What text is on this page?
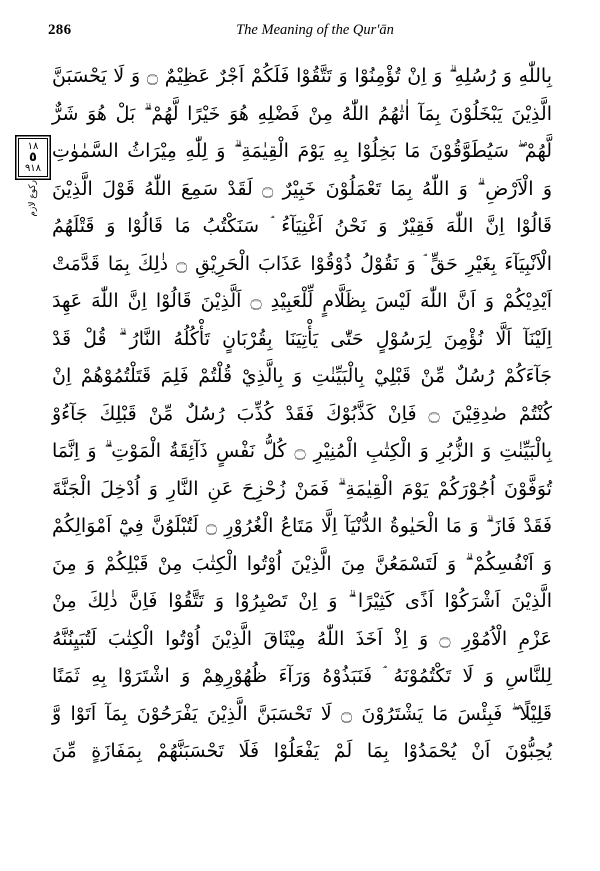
286	The Meaning of the Qur'ān
١٨
٥
٩١٨
ركوع لازم
بِاللّٰهِ وَ رُسُلِهِ ۗ وَ اِنْ تُؤْمِنُوْا وَ تَتَّقُوْا فَلَكُمْ اَجْرٌ عَظِيْمٌ ۝ وَ لَا يَحْسَبَنَّ
الَّذِيْنَ يَبْخَلُوْنَ بِمَآ اٰتٰهُمُ اللّٰهُ مِنْ فَضْلِهِ هُوَ خَيْرًا لَّهُمْ ۗ بَلْ هُوَ شَرٌّ
لَّهُمْ ۖ سَيُطَوَّقُوْنَ مَا بَخِلُوْا بِهِ يَوْمَ الْقِيٰمَةِ ۗ وَ لِلّٰهِ مِيْرَاثُ السَّمٰوٰتِ
وَ الْاَرْضِ ۗ وَ اللّٰهُ بِمَا تَعْمَلُوْنَ خَبِيْرٌ ۝ لَقَدْ سَمِعَ اللّٰهُ قَوْلَ الَّذِيْنَ
قَالُوْا اِنَّ اللّٰهَ فَقِيْرٌ وَ نَحْنُ اَغْنِيَآءُ ۘ سَنَكْتُبُ مَا قَالُوْا وَ قَتْلَهُمُ
الْاَنْبِيَآءَ بِغَيْرِ حَقٍّ ۘ وَ نَقُوْلُ ذُوْقُوْا عَذَابَ الْحَرِيْقِ ۝ ذٰلِكَ بِمَا قَدَّمَتْ
اَيْدِيْكُمْ وَ اَنَّ اللّٰهَ لَيْسَ بِظَلَّامٍ لِّلْعَبِيْدِ ۝ اَلَّذِيْنَ قَالُوْا اِنَّ اللّٰهَ عَهِدَ
اِلَيْنَآ اَلَّا نُؤْمِنَ لِرَسُوْلٍ حَتّٰى يَأْتِيَنَا بِقُرْبَانٍ تَأْكُلُهُ النَّارُ ۗ قُلْ قَدْ
جَآءَكُمْ رُسُلٌ مِّنْ قَبْلِيْ بِالْبَيِّنٰتِ وَ بِالَّذِيْ قُلْتُمْ فَلِمَ قَتَلْتُمُوْهُمْ اِنْ
كُنْتُمْ صٰدِقِيْنَ ۝ فَاِنْ كَذَّبُوْكَ فَقَدْ كُذِّبَ رُسُلٌ مِّنْ قَبْلِكَ جَآءُوْ
بِالْبَيِّنٰتِ وَ الزُّبُرِ وَ الْكِتٰبِ الْمُنِيْرِ ۝ كُلُّ نَفْسٍ ذَآئِقَةُ الْمَوْتِ ۗ وَ اِنَّمَا
تُوَفَّوْنَ اُجُوْرَكُمْ يَوْمَ الْقِيٰمَةِ ۗ فَمَنْ زُحْزِحَ عَنِ النَّارِ وَ اُدْخِلَ الْجَنَّةَ
فَقَدْ فَازَ ۗ وَ مَا الْحَيٰوةُ الدُّنْيَآ اِلَّا مَتَاعُ الْغُرُوْرِ ۝ لَتُبْلَوُنَّ فِيْٓ اَمْوَالِكُمْ
وَ اَنْفُسِكُمْ ۗ وَ لَتَسْمَعُنَّ مِنَ الَّذِيْنَ اُوْتُوا الْكِتٰبَ مِنْ قَبْلِكُمْ وَ مِنَ
الَّذِيْنَ اَشْرَكُوْا اَذًى كَثِيْرًا ۗ وَ اِنْ تَصْبِرُوْا وَ تَتَّقُوْا فَاِنَّ ذٰلِكَ مِنْ
عَزْمِ الْاُمُوْرِ ۝ وَ اِذْ اَخَذَ اللّٰهُ مِيْثَاقَ الَّذِيْنَ اُوْتُوا الْكِتٰبَ لَتُبَيِنُنَّهُ
لِلنَّاسِ وَ لَا تَكْتُمُوْنَهُ ۘ فَنَبَذُوْهُ وَرَآءَ ظُهُوْرِهِمْ وَ اشْتَرَوْا بِهِ ثَمَنًا
قَلِيْلًا ۖ فَبِئْسَ مَا يَشْتَرُوْنَ ۝ لَا تَحْسَبَنَّ الَّذِيْنَ يَفْرَحُوْنَ بِمَآ اَتَوْا وَّ
يُحِبُّوْنَ اَنْ يُحْمَدُوْا بِمَا لَمْ يَفْعَلُوْا فَلَا تَحْسَبَنَّهُمْ بِمَفَازَةٍ مِّنَ
